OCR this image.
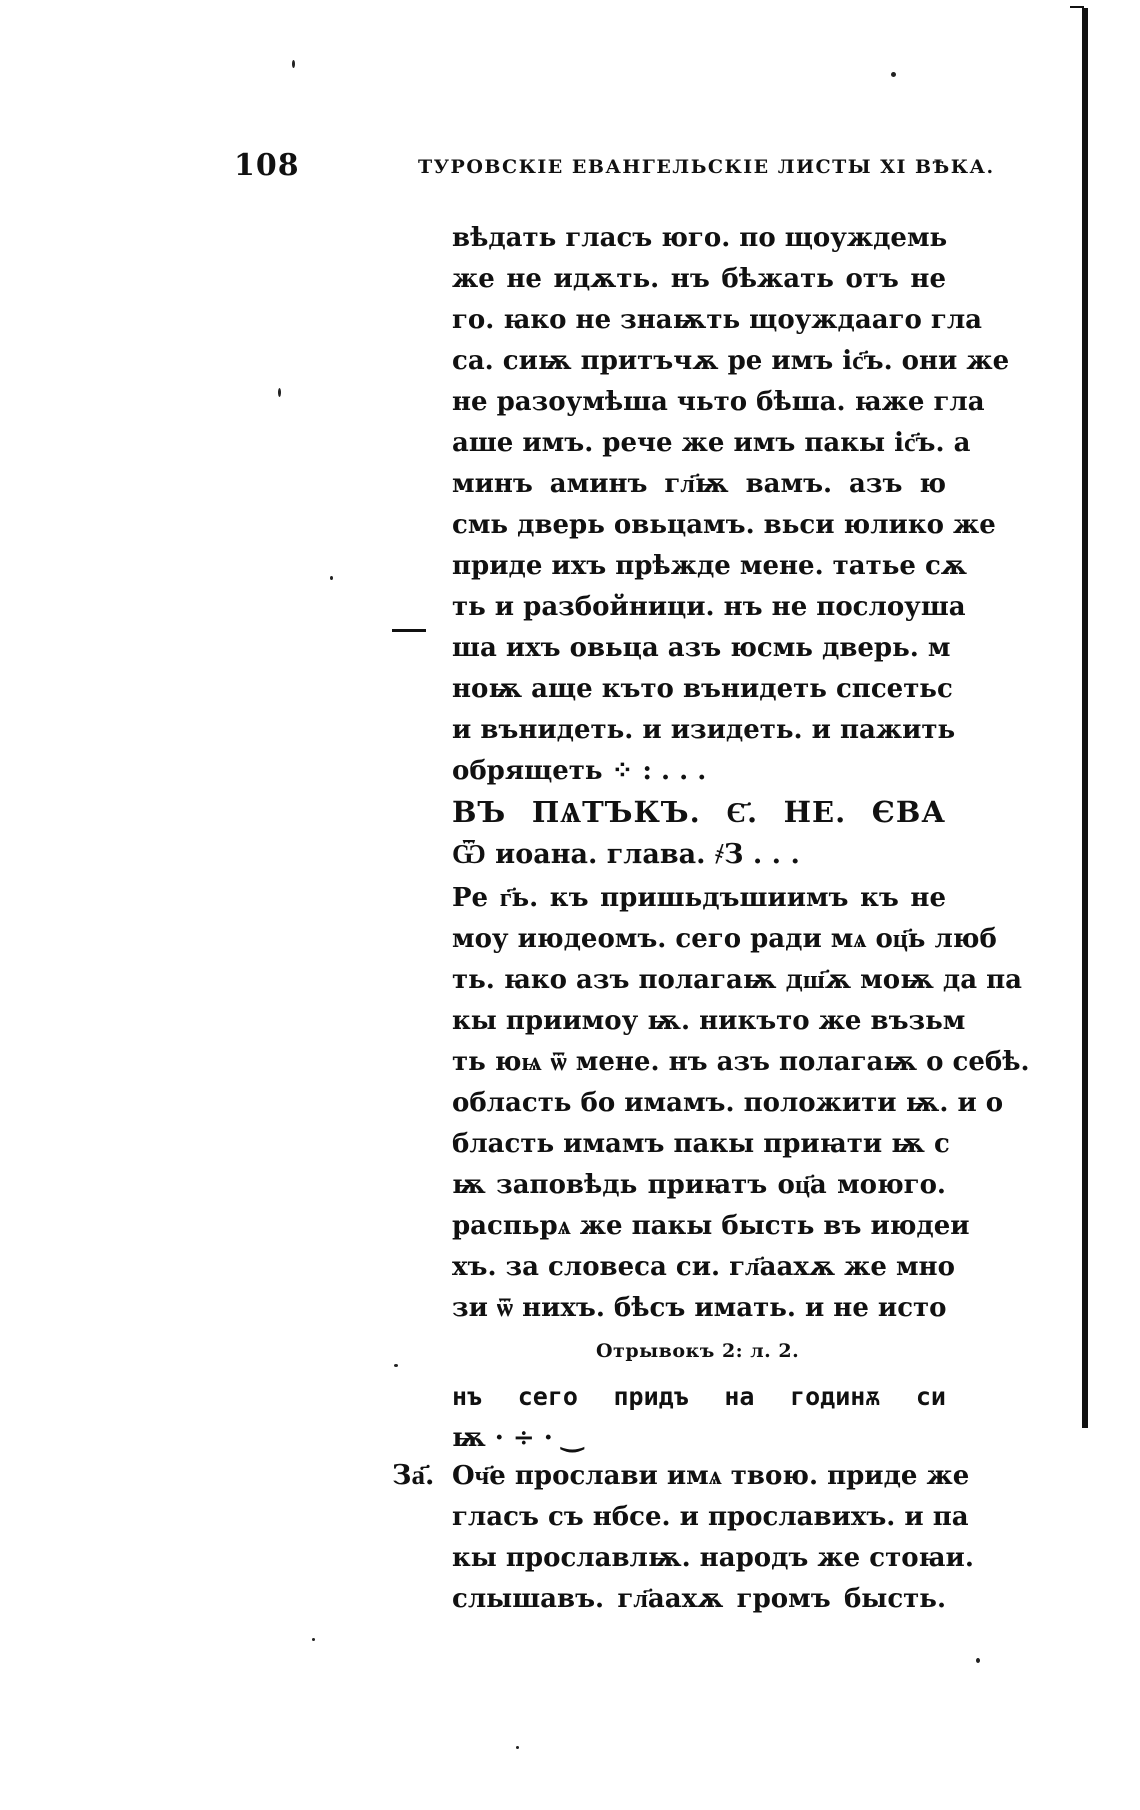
108	ТУРОВСКІЕ ЕВАНГЕЛЬСКІЕ ЛИСТЫ XI ВѢКА.
вѣдать гласъ юго. по щоуждемь
же не идѫть. нъ бѣжать отъ не
го. ꙗко не знаѭть щоуждааго гла
са. сиѭ притъчѫ ре имъ іс҃ъ. они же
не разоумѣша чьто бѣша. ꙗже гла
аше имъ. рече же имъ пакы іс҃ъ. а
минъ аминъ гл҃ѭ вамъ. азъ ю
смь дверь овьцамъ. вьси юлико же
приде ихъ прѣжде мене. татье сѫ
ть и разбойници. нъ не послоуша
ша ихъ овьца азъ юсмь дверь. м
ноѭ аще къто вънидеть спсетьс
и вънидеть. и изидеть. и пажить
обрящеть ⁘ : . . .
ВЪ ПѦТЪКЪ. Є҃. НЕ. ЄВА
Ѿ иоана. глава. ҂З . . .
Ре г҃ь. къ пришьдъшиимъ къ не
моу июдеомъ. сего ради мѧ оц҃ь люб
ть. ꙗко азъ полагаѭ дш҃ѫ моѭ да па
кы приимоу ѭ. никъто же възьм
ть юѩ ѿ мене. нъ азъ полагаѭ о себѣ.
область бо имамъ. положити ѭ. и о
бласть имамъ пакы приꙗти ѭ с
ѭ заповѣдь приꙗтъ оц҃а моюго.
распьрѧ же пакы бысть въ июдеи
хъ. за словеса си. гл҃аахѫ же мно
зи ѿ нихъ. бѣсъ имать. и не исто
Отрывокъ 2: л. 2.
нъ сего придъ на годинѫ си
ѭ · ÷ · ‿
За҃. Оч҃е прослави имѧ твою. приде же
гласъ съ нбсе. и прославихъ. и па
кы прославлѭ. народъ же стоꙗи.
слышавъ. гл҃аахѫ громъ бысть.
